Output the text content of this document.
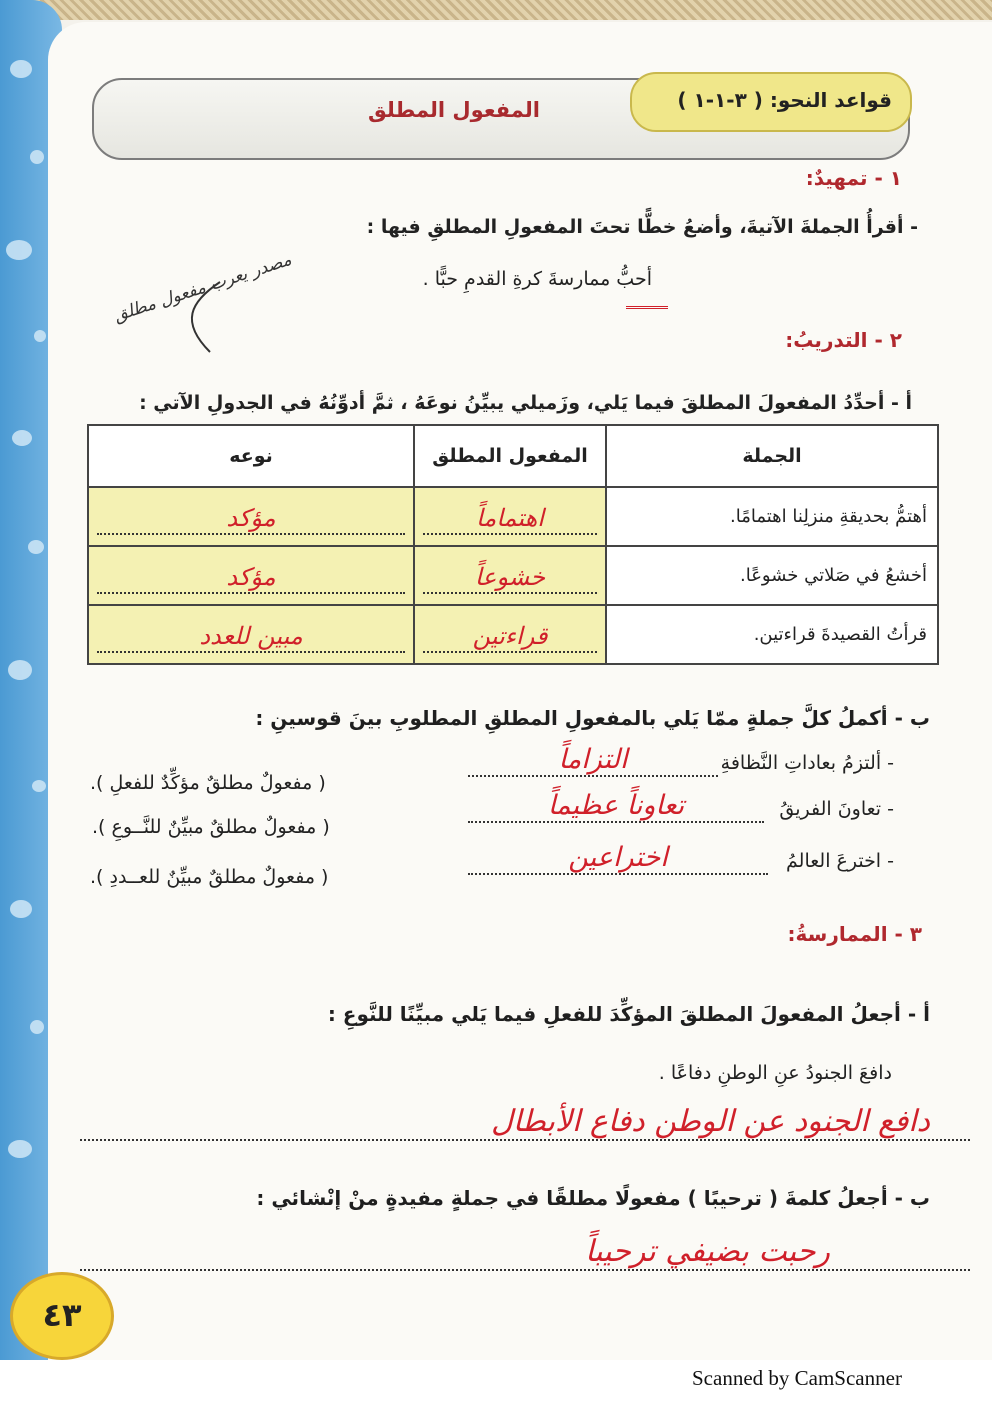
قواعد النحو: ( ٣-١-١ )
المفعول المطلق
١ - تمهيدٌ:
- أقرأُ الجملةَ الآتيةَ، وأضعُ خطًّا تحتَ المفعولِ المطلقِ فيها :
أحبُّ ممارسةَ كرةِ القدمِ حبًّا .
مصدر يعرب مفعول مطلق
٢ - التدريبُ:
أ - أحدِّدُ المفعولَ المطلقَ فيما يَلي، وزَميلي يبيِّنُ نوعَهُ ، ثمَّ أدوِّنُهُ في الجدولِ الآتي :
الجملة	المفعول المطلق	نوعه
أهتمُّ بحديقةِ منزلِنا اهتمامًا.	اهتماماً	مؤكد

أخشعُ في صَلاتي خشوعًا.	خشوعاً	مؤكد

قرأتُ القصيدةَ قراءتين.	قراءتين	مبين للعدد
ب - أكملُ كلَّ جملةٍ ممّا يَلي بالمفعولِ المطلقِ المطلوبِ بينَ قوسينِ :
- ألتزمُ بعاداتِ النَّظافةِ
التزاماً
( مفعولٌ مطلقٌ مؤكِّدٌ للفعلِ ).
- تعاونَ الفريقُ
تعاوناً عظيماً
( مفعولٌ مطلقٌ مبيِّنٌ للنَّــوعِ ).
- اخترعَ العالمُ
اختراعين
( مفعولٌ مطلقٌ مبيِّنٌ للعــددِ ).
٣ - الممارسةُ:
أ - أجعلُ المفعولَ المطلقَ المؤكِّدَ للفعلِ فيما يَلي مبيِّنًا للنَّوعِ :
دافعَ الجنودُ عنِ الوطنِ دفاعًا .
دافع الجنود عن الوطن دفاع الأبطال
ب - أجعلُ كلمةَ ( ترحيبًا ) مفعولًا مطلقًا في جملةٍ مفيدةٍ منْ إنْشائي :
رحبت بضيفي ترحيباً
٤٣
Scanned by CamScanner
